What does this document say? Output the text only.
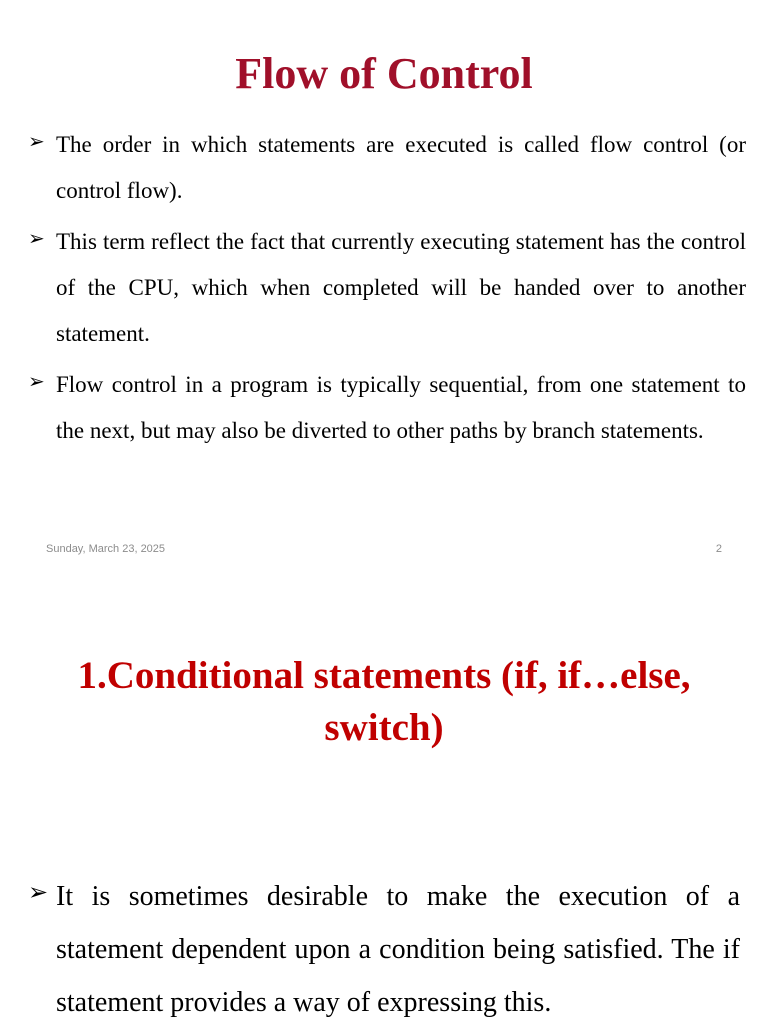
Flow of Control
➢ The order in which statements are executed is called flow control (or control flow).
➢ This term reflect the fact that currently executing statement has the control of the CPU, which when completed will be handed over to another statement.
➢ Flow control in a program is typically sequential, from one statement to the next, but may also be diverted to other paths by branch statements.
Sunday, March 23, 2025	2
1.Conditional statements (if, if…else, switch)
➢ It is sometimes desirable to make the execution of a statement dependent upon a condition being satisfied. The if statement provides a way of expressing this.
